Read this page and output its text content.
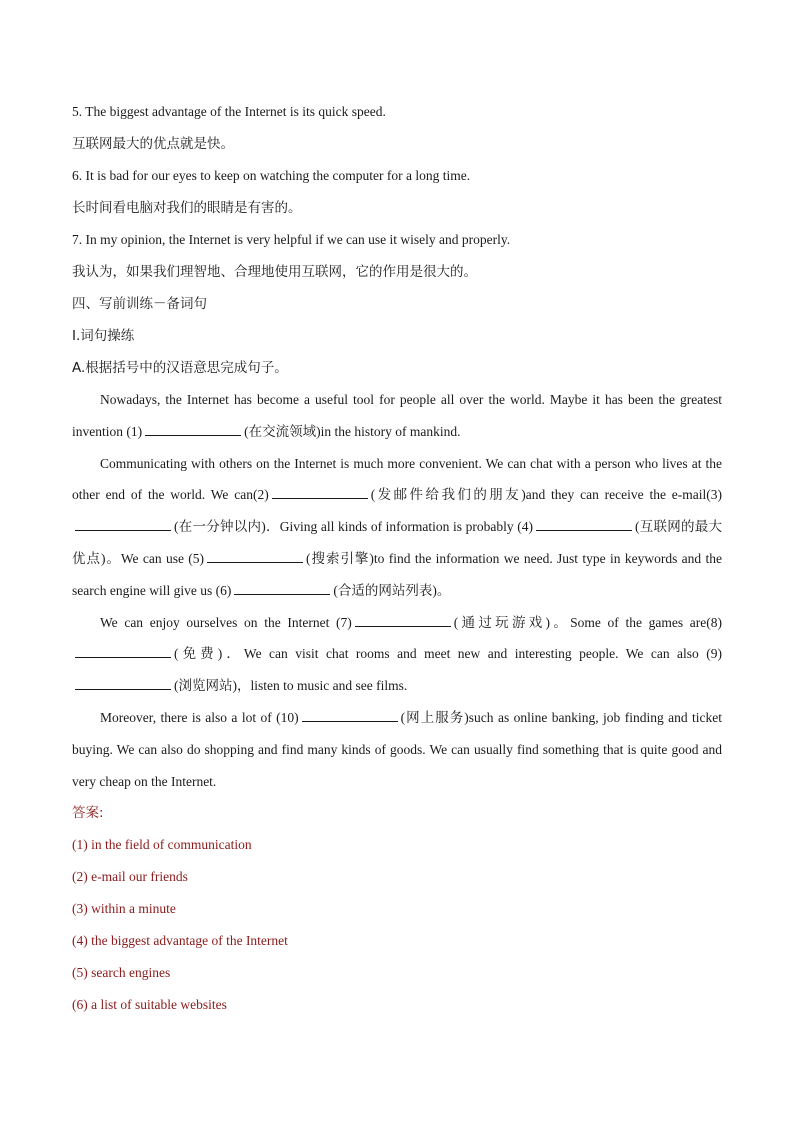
5. The biggest advantage of the Internet is its quick speed.
互联网最大的优点就是快。
6. It is bad for our eyes to keep on watching the computer for a long time.
长时间看电脑对我们的眼睛是有害的。
7. In my opinion, the Internet is very helpful if we can use it wisely and properly.
我认为，如果我们理智地、合理地使用互联网，它的作用是很大的。
四、写前训练－备词句
I.词句操练
A.根据括号中的汉语意思完成句子。

Nowadays, the Internet has become a useful tool for people all over the world. Maybe it has been the greatest invention (1)	(在交流领域)in the history of mankind.

Communicating with others on the Internet is much more convenient. We can chat with a person who lives at the other end of the world. We can(2)	(发邮件给我们的朋友)and they can receive the e-mail(3)(在一分钟以内)．Giving all kinds of information is probably (4)	(互联网的最大优点)。We can use (5)	(搜索引擎)to find the information we need. Just type in keywords and the search engine will give us (6)	(合适的网站列表)。

We can enjoy ourselves on the Internet (7)	(通过玩游戏)。Some of the games are(8)(免费)．We can visit chat rooms and meet new and interesting people. We can also (9)(浏览网站)，listen to music and see films.

Moreover, there is also a lot of (10)	(网上服务)such as online banking, job finding and ticket buying. We can also do shopping and find many kinds of goods. We can usually find something that is quite good and very cheap on the Internet.

答案:
(1) in the field of communication
(2) e-mail our friends
(3) within a minute
(4) the biggest advantage of the Internet
(5) search engines
(6) a list of suitable websites
